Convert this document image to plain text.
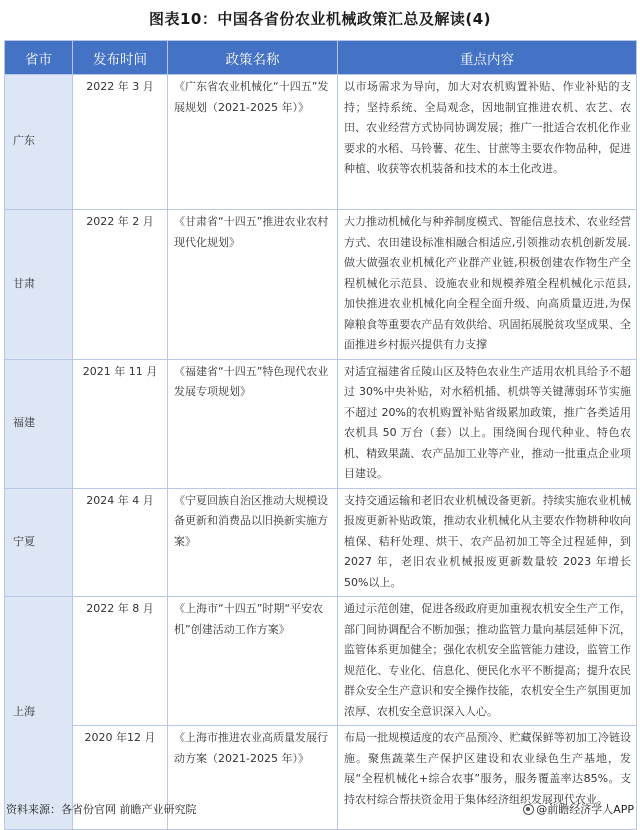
图表10：中国各省份农业机械政策汇总及解读(4)
省市	发布时间	政策名称	重点内容
广东	2022 年 3 月	《广东省农业机械化“十四五”发展规划（2021-2025 年）》	以市场需求为导向，加大对农机购置补贴、作业补贴的支持；坚持系统、全局观念，因地制宜推进农机、农艺、农田、农业经营方式协同协调发展；推广一批适合农机化作业要求的水稻、马铃薯、花生、甘蔗等主要农作物品种，促进种植、收获等农机装备和技术的本土化改进。
甘肃	2022 年 2 月	《甘肃省“十四五”推进农业农村现代化规划》	大力推动机械化与种养制度模式、智能信息技术、农业经营方式、农田建设标准相融合相适应,引领推动农机创新发展.做大做强农业机械化产业群产业链,积极创建农作物生产全程机械化示范县、设施农业和规模养殖全程机械化示范县,加快推进农业机械化向全程全面升级、向高质量迈进,为保障粮食等重要农产品有效供给、巩固拓展脱贫攻坚成果、全面推进乡村振兴提供有力支撑
福建	2021 年 11 月	《福建省“十四五”特色现代农业发展专项规划》	对适宜福建省丘陵山区及特色农业生产适用农机具给予不超过 30%中央补贴，对水稻机插、机烘等关键薄弱环节实施不超过 20%的农机购置补贴省级累加政策，推广各类适用农机具 50 万台（套）以上。围绕闽台现代种业、特色农机、精致果蔬、农产品加工业等产业，推动一批重点企业项目建设。
宁夏	2024 年 4 月	《宁夏回族自治区推动大规模设备更新和消费品以旧换新实施方案》	支持交通运输和老旧农业机械设备更新。持续实施农业机械报废更新补贴政策，推动农业机械化从主要农作物耕种收向植保、秸秆处理、烘干、农产品初加工等全过程延伸，到 2027 年，老旧农业机械报废更新数量较 2023 年增长 50%以上。
上海	2022 年 8 月	《上海市“十四五”时期“平安农机”创建活动工作方案》	通过示范创建，促进各级政府更加重视农机安全生产工作，部门间协调配合不断加强；推动监管力量向基层延伸下沉，监管体系更加健全；强化农机安全监管能力建设，监管工作规范化、专业化、信息化、便民化水平不断提高；提升农民群众安全生产意识和安全操作技能，农机安全生产氛围更加浓厚、农机安全意识深入人心。
	2020 年12 月	《上海市推进农业高质量发展行动方案（2021-2025 年）》	布局一批规模适度的农产品预冷、贮藏保鲜等初加工冷链设施。聚焦蔬菜生产保护区建设和农业绿色生产基地，发展“全程机械化+综合农事”服务，服务覆盖率达85%。支持农村综合帮扶资金用于集体经济组织发展现代农业。
资料来源：各省份官网 前瞻产业研究院	@前瞻经济学人APP
